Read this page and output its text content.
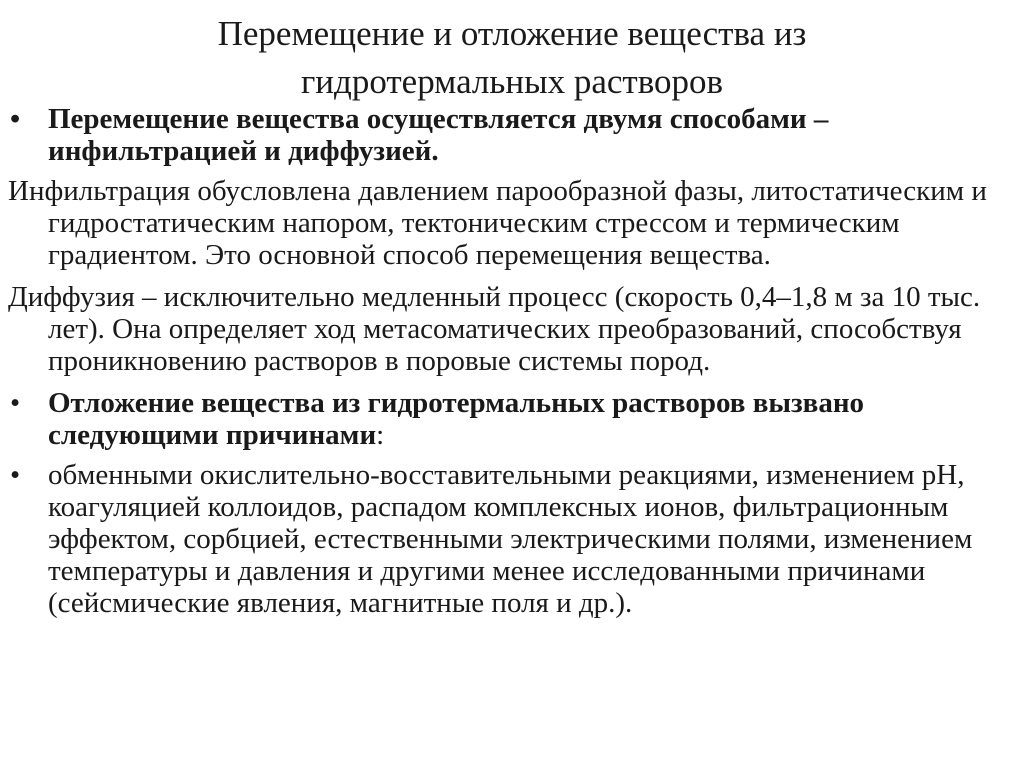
Перемещение и отложение вещества из
гидротермальных растворов
• Перемещение вещества осуществляется двумя способами – инфильтрацией и диффузией.
Инфильтрация обусловлена давлением парообразной фазы, литостатическим и гидростатическим напором, тектоническим стрессом и термическим градиентом. Это основной способ перемещения вещества.
Диффузия – исключительно медленный процесс (скорость 0,4–1,8 м за 10 тыс. лет). Она определяет ход метасоматических преобразований, способствуя проникновению растворов в поровые системы пород.
• Отложение вещества из гидротермальных растворов вызвано следующими причинами:
• обменными окислительно-восставительными реакциями, изменением pH, коагуляцией коллоидов, распадом комплексных ионов, фильтрационным эффектом, сорбцией, естественными электрическими полями, изменением температуры и давления и другими менее исследованными причинами (сейсмические явления, магнитные поля и др.).
